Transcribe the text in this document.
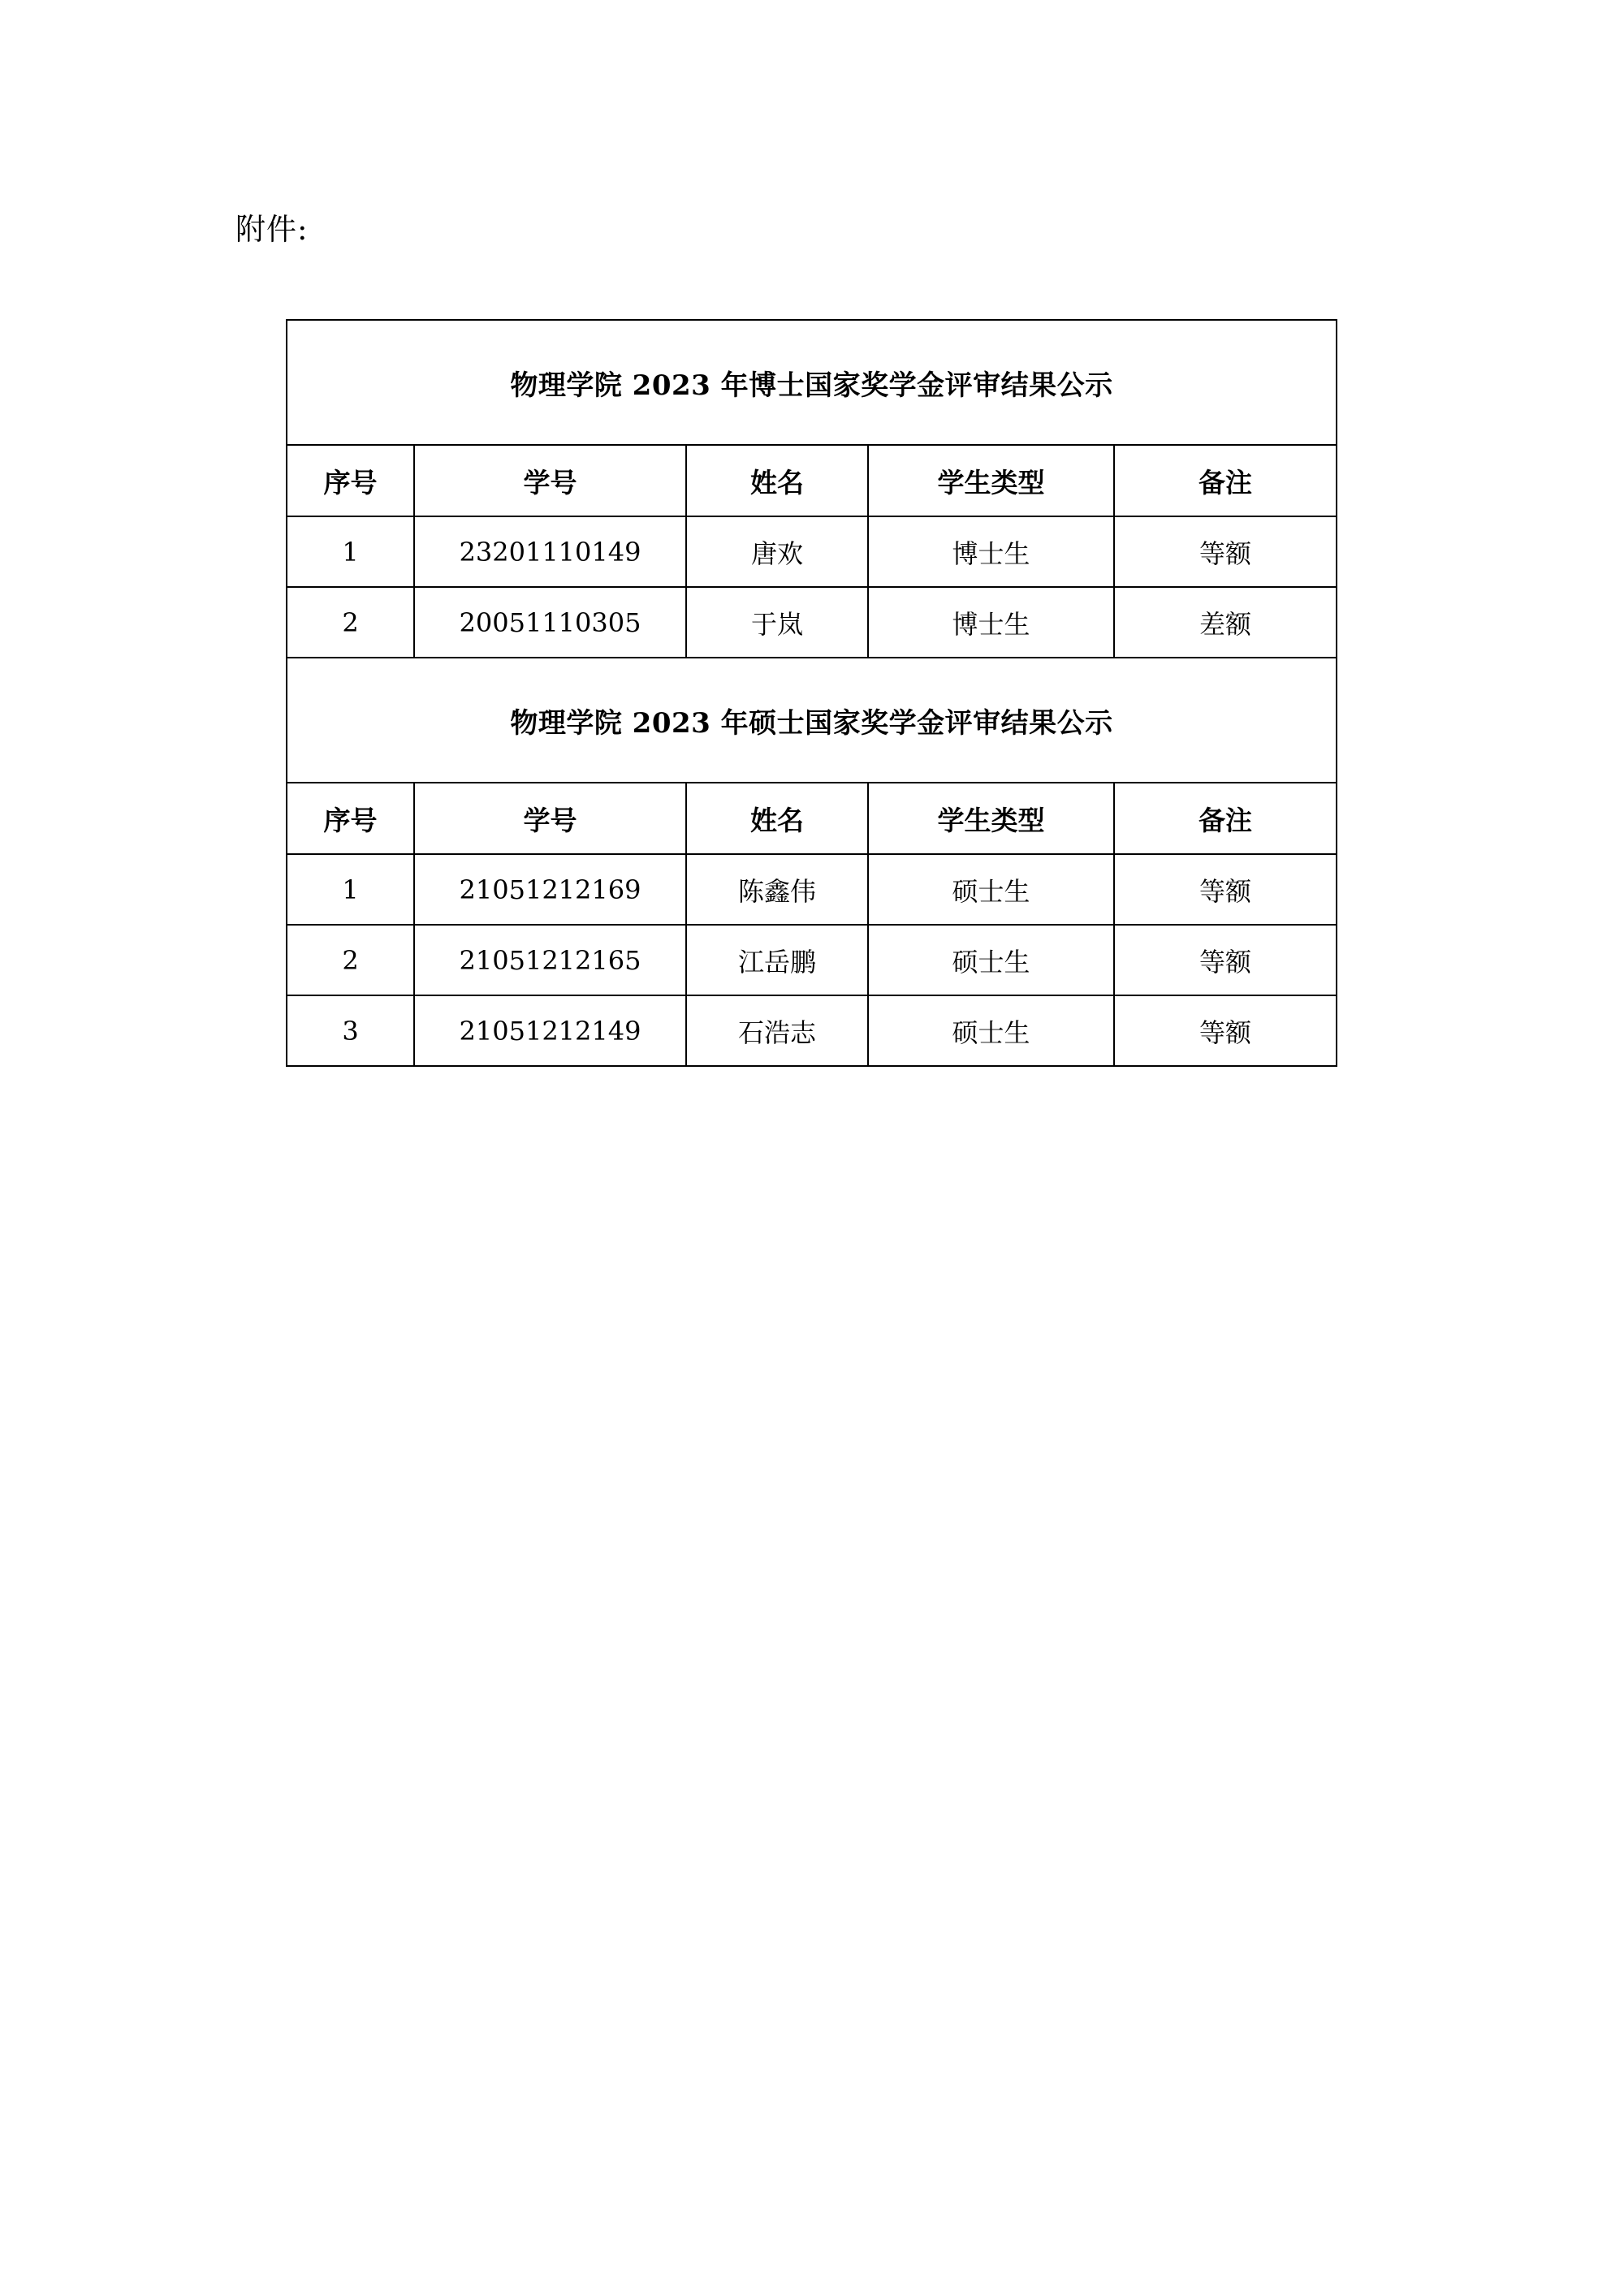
附件:
物理学院 2023 年博士国家奖学金评审结果公示				
序号	学号	姓名	学生类型	备注
1	23201110149	唐欢	博士生	等额
2	20051110305	于岚	博士生	差额
物理学院 2023 年硕士国家奖学金评审结果公示				
序号	学号	姓名	学生类型	备注
1	21051212169	陈鑫伟	硕士生	等额
2	21051212165	江岳鹏	硕士生	等额
3	21051212149	石浩志	硕士生	等额
